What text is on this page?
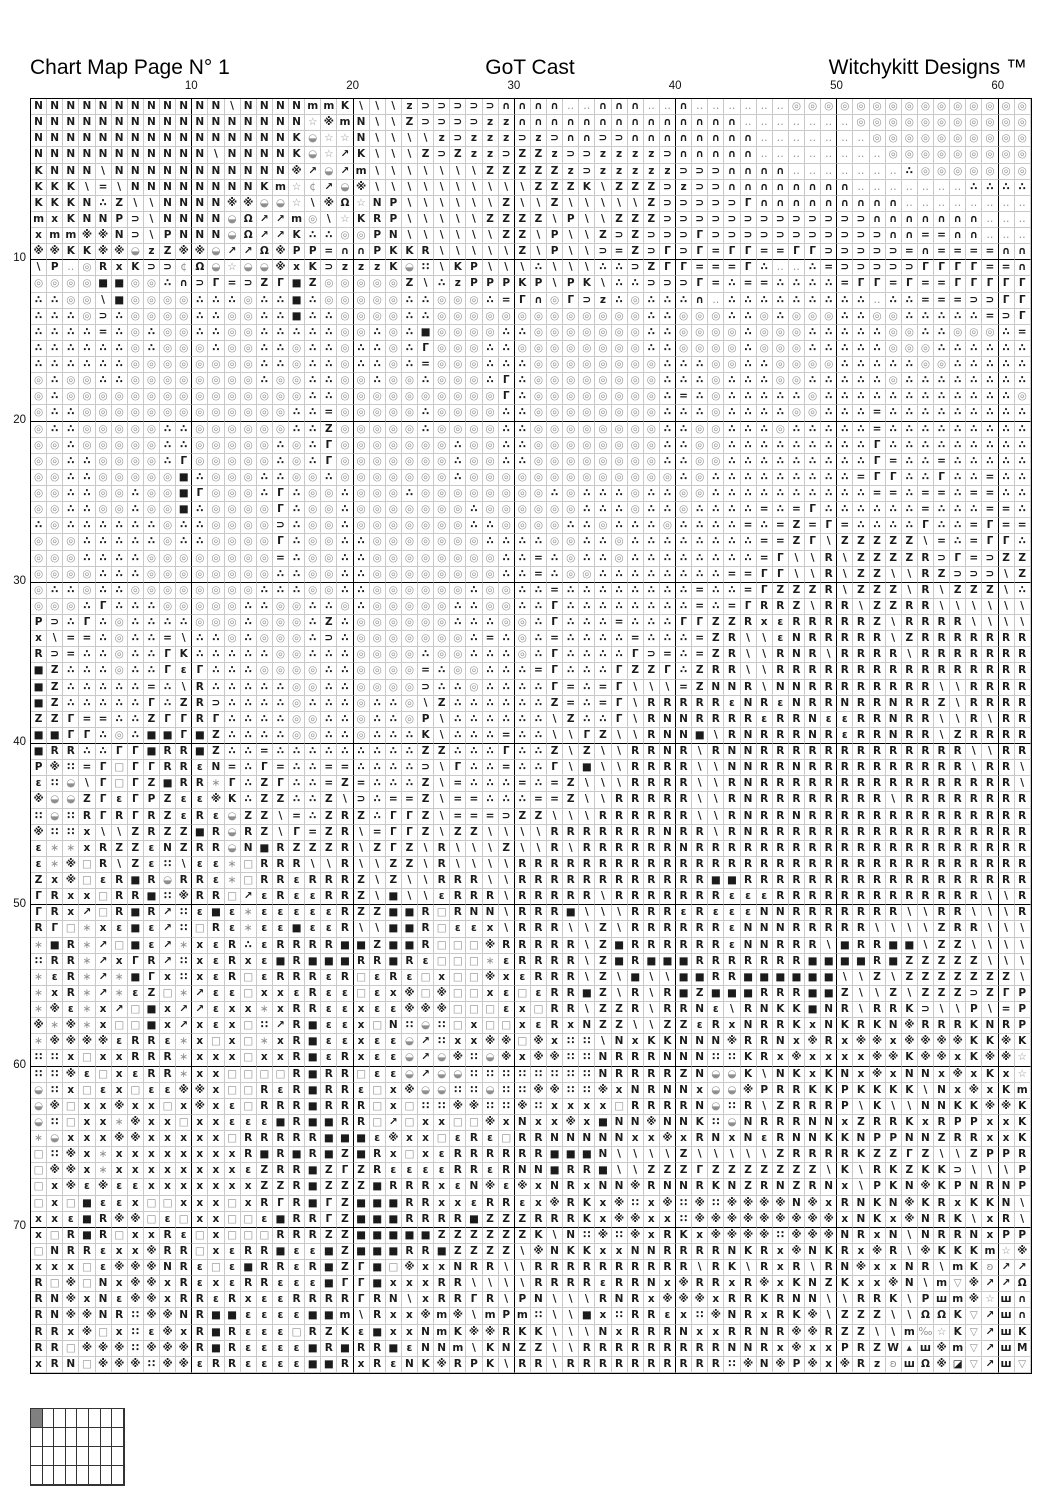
Chart Map Page N° 1	GoT Cast	Witchykitt Designs ™
10	20	30	40	50	60
10
20
30
40
50
60
70
N N N N N N N N N N N N \ N N N N m m K \	\	\	z ⊃ ⊃ ⊃ ⊃ ⊃ ∩ ∩ ∩ ∩ ‥ ‥ ∩ ∩ ∩ ‥ ‥ ∩ ‥ ‥ ‥ ‥ ‥ ‥ ◎ ◎ ◎ ◎ ◎ ◎ ◎ ◎ ◎ ◎ ◎ ◎ ◎ ◎ ◎
N N N N N N N N N N N N N N N N N ☆ ※ m N \	\ Z ⊃ ⊃ ⊃ ⊃ z z ∩ ∩ ∩ ∩ ∩ ∩ ∩ ∩ ∩ ∩ ∩ ∩ ∩ ∩ ‥ ‥ ‥ ‥ ‥ ‥ ‥ ◎ ◎ ◎ ◎ ◎ ◎ ◎ ◎ ◎ ◎ ◎
N N N N N N N N N N N N N N N N K ◒ ☆ ☆ N \	\	\	\	z ⊃ z z z ⊃ z ⊃ ∩ ∩ ⊃ ⊃ ∩ ∩ ∩ ∩ ∩ ∩ ∩ ∩ ‥ ‥ ‥ ‥ ‥ ‥ ‥ ◎ ◎ ◎ ◎ ◎ ◎ ◎ ◎ ◎ ◎
N N N N N N N N N N N \ N N N N K ◒ ☆ ↗ K \	\	\ Z ⊃ Z z z ⊃ Z Z z ⊃ ⊃ z z z z ⊃ ∩ ∩ ∩ ∩ ∩ ‥ ‥ ‥ ‥ ‥ ‥ ‥ ‥ ◎ ◎ ◎ ◎ ◎ ◎ ◎ ◎ ◎
K N N N \ N N N N N N N N N N N ※ ↗ ◒ ↗ m \	\	\	\	\	\	\ Z Z Z Z Z z ⊃ z z z z z ⊃ ⊃ ⊃ ∩ ∩ ∩ ∩ ‥ ‥ ‥ ‥ ‥ ‥ ‥ ∴ ◎ ◎ ◎ ◎ ◎ ◎ ◎
K K K \ = \ N N N N N N N N K m ☆ ¢ ↗ ◒ ※ \	\	\	\	\	\	\	\	\	\ Z Z Z K \ Z Z Z ⊃ z ⊃ ⊃ ∩ ∩ ∩ ∩ ∩ ∩ ∩ ∩ ‥ ‥ ‥ ‥ ‥ ‥ ‥ ∴ ∴ ∴ ∴
K K K N ∴ Z \	\ N N N N ※ ※ ◒ ◒ ☆ \ ※ Ω ☆ N P \	\	\	\	\	\ Z \	\ Z \	\	\	\	\ Z ⊃ ⊃ ⊃ ⊃ ⊃ Γ ∩ ∩ ∩ ∩ ∩ ∩ ∩ ∩ ∩ ‥ ‥ ‥ ‥ ‥ ‥ ‥ ‥
m x K N N P ⊃ \ N N N N ◒ Ω ↗ ↗ m ◎ \ ☆ K R P \	\	\	\	\ Z Z Z Z \ P \	\ Z Z Z ⊃ ⊃ ⊃ ⊃ ⊃ ⊃ ⊃ ⊃ ⊃ ⊃ ⊃ ⊃ ⊃ ∩ ∩ ∩ ∩ ∩ ∩ ∩ ‥ ‥ ‥
x m m ※ ※ N ⊃ \ P N N N ◒ Ω ↗ ↗ K ∴ ∴ ◎ ◎ P N \	\	\	\	\	\ Z Z \ P \	\ Z ⊃ Z ⊃ ⊃ ⊃ Γ ⊃ ⊃ ⊃ ⊃ ⊃ ⊃ ⊃ ⊃ ⊃ ⊃ ⊃ ∩ ∩ = = ∩ ∩ ‥ ‥ ‥
※ ※ K K ※ ※ ◒ z Z ※ ※ ◒ ↗ ↗ Ω ※ P P = ∩ ∩ P K K R \	\	\	\	\ Z \ P \	\ ⊃ = Z ⊃ Γ ⊃ Γ = Γ Γ = = Γ Γ ⊃ ⊃ ⊃ ⊃ ⊃ = ∩ = = = = ∩ ∩
\ P ‥ ◎ R x K ⊃ ⊃ ¢ Ω ◒ ☆ ◒ ◒ ※ x K ⊃ z z z K ◒ ∷	\ K P \	\	\	∴	\	\	\	∴ ∴ ⊃ Z Γ Γ = = = Γ ∴ ‥ ‥ ∴ = ⊃ ⊃ ⊃ ⊃ ⊃ Γ Γ Γ Γ = = ∩
◎ ◎ ◎ ◎ ■ ■ ◎ ◎ ∴ ∩ ⊃ Γ = ⊃ Z Γ ■ Z ◎ ◎ ◎ ◎ ◎ Z \	∴ z P P P K P \ P K \	∴ ∴ ⊃ ⊃ ⊃ Γ = ∴ = = ∴ ∴ ∴ ∴ = Γ Γ = Γ = = Γ Γ Γ Γ Γ
∴ ∴ ◎ ◎ \ ■ ◎ ◎ ◎ ◎ ∴ ∴ ∴ ◎ ∴ ∴ ■ ∴ ◎ ◎ ◎ ◎ ◎ ∴ ∴ ◎ ◎ ◎ ∴ = Γ ∩ ◎ Γ ⊃ z ∴ ◎ ∴ ∴ ∴ ∩ ‥ ∴ ∴ ∴ ∴ ∴ ∴ ∴ ∴ ∴ ‥ ∴ ∴ = = = ⊃ ⊃ Γ Γ
∴ ∴ ∴ ◎ ⊃ ∴ ◎ ◎ ◎ ◎ ∴ ∴ ◎ ◎ ∴ ∴ ■ ∴ ∴ ◎ ◎ ◎ ◎ ∴ ∴ ◎ ◎ ◎ ◎ ◎ ◎ ◎ ◎ ◎ ◎ ◎ ◎ ◎ ∴ ∴ ◎ ◎ ◎ ∴ ∴ ◎ ∴ ◎ ◎ ◎ ∴ ∴ ◎ ◎ ∴ ∴ ∴ ∴ ∴ = ⊃ Γ
∴ ∴ ∴ ∴ = ∴ ◎ ∴ ◎ ◎ ∴ ∴ ◎ ◎ ∴ ∴ ∴ ∴ ∴ ◎ ◎ ∴ ◎ ∴ ■ ◎ ◎ ◎ ◎ ∴ ∴ ◎ ◎ ◎ ◎ ◎ ◎ ◎ ∴ ∴ ◎ ◎ ◎ ◎ ∴ ◎ ◎ ◎ ∴ ∴ ∴ ∴ ∴ ◎ ◎ ∴ ∴ ◎ ◎ ◎ ∴ =
∴ ∴ ∴ ∴ ∴ ∴ ◎ ∴ ◎ ◎ ◎ ∴ ◎ ◎ ∴ ∴ ◎ ∴ ∴ ◎ ∴ ∴ ◎ ∴ Γ ◎ ◎ ◎ ∴ ∴ ◎ ◎ ◎ ◎ ◎ ◎ ◎ ◎ ∴ ∴ ◎ ◎ ◎ ◎ ∴ ◎ ◎ ◎ ∴ ∴ ∴ ∴ ∴ ◎ ◎ ◎ ∴ ∴ ∴ ∴ ∴ ∴
∴ ∴ ∴ ∴ ∴ ∴ ◎ ◎ ◎ ◎ ◎ ◎ ◎ ◎ ∴ ∴ ◎ ∴ ∴ ◎ ∴ ∴ ◎ ∴ = ◎ ◎ ◎ ∴ ∴ ∴ ◎ ◎ ◎ ◎ ◎ ◎ ◎ ◎ ∴ ∴ ∴ ◎ ◎ ∴ ∴ ◎ ◎ ◎ ◎ ∴ ∴ ∴ ∴ ∴ ◎ ◎ ∴ ∴ ∴ ∴ ∴
◎ ∴ ◎ ◎ ∴ ∴ ◎ ◎ ◎ ◎ ◎ ◎ ◎ ◎ ∴ ◎ ◎ ∴ ∴ ◎ ◎ ∴ ◎ ◎ ∴ ◎ ◎ ◎ ∴ Γ ∴ ◎ ◎ ◎ ◎ ◎ ◎ ◎ ◎ ∴ ∴ ∴ ◎ ∴ ∴ ∴ ◎ ◎ ∴ ∴ ∴ ∴ ∴ ◎ ∴ ∴ ∴ ∴ ∴ ∴ ∴ ∴
◎ ∴ ◎ ◎ ◎ ◎ ◎ ◎ ◎ ◎ ◎ ◎ ◎ ◎ ◎ ◎ ◎ ∴ ∴ ◎ ◎ ◎ ◎ ◎ ◎ ◎ ◎ ◎ ◎ Γ ∴ ◎ ◎ ◎ ◎ ◎ ◎ ◎ ◎ ∴ = ∴ ◎ ∴ ∴ ∴ ∴ ∴ ◎ ∴ ∴ ∴ ∴ ∴ ∴ ∴ ∴ ∴ ∴ ∴ ∴ ◎
◎ ∴ ∴ ◎ ◎ ◎ ◎ ◎ ◎ ◎ ◎ ◎ ◎ ◎ ◎ ◎ ∴ ∴ = ◎ ◎ ◎ ◎ ◎ ∴ ◎ ◎ ◎ ◎ ∴ ∴ ◎ ◎ ◎ ◎ ◎ ◎ ◎ ◎ ∴ ∴ ∴ ◎ ∴ ∴ ∴ ∴ ◎ ◎ ∴ ∴ ∴ = ∴ ∴ ∴ ∴ ∴ ∴ ∴ ∴ ∴
◎ ∴ ∴ ◎ ◎ ◎ ◎ ◎ ∴ ∴ ◎ ◎ ◎ ◎ ◎ ◎ ∴ ∴ Z ◎ ◎ ◎ ◎ ◎ ∴ ◎ ◎ ◎ ◎ ∴ ∴ ◎ ◎ ◎ ◎ ◎ ◎ ◎ ◎ ∴ ∴ ◎ ◎ ∴ ∴ ∴ ◎ ∴ ∴ ∴ ∴ ∴ = ∴ ∴ ∴ ∴ ∴ ∴ ∴ ∴ ∴
◎ ◎ ∴ ◎ ◎ ◎ ◎ ◎ ∴ ∴ ◎ ◎ ◎ ◎ ◎ ∴ ◎ ∴ Γ ◎ ◎ ◎ ◎ ◎ ◎ ◎ ∴ ◎ ◎ ∴ ∴ ◎ ◎ ◎ ◎ ◎ ◎ ◎ ◎ ∴ ∴ ◎ ◎ ∴ ∴ ∴ ∴ ∴ ∴ ∴ ∴ ∴ Γ ∴ ∴ ∴ ∴ ∴ ∴ ∴ ∴ ∴
◎ ◎ ∴ ∴ ◎ ◎ ◎ ◎ ∴ Γ ◎ ◎ ◎ ◎ ◎ ∴ ◎ ∴ Γ ◎ ◎ ◎ ◎ ◎ ◎ ◎ ∴ ◎ ◎ ∴ ∴ ◎ ◎ ◎ ◎ ◎ ◎ ◎ ◎ ∴ ∴ ◎ ◎ ∴ ∴ ∴ ∴ ∴ ∴ ∴ ∴ ∴ Γ = ∴ ∴ = ∴ ∴ ∴ ∴ ∴
◎ ◎ ∴ ∴ ◎ ◎ ◎ ◎ ◎ ■ ∴ ◎ ◎ ◎ ∴ ∴ ◎ ◎ ∴ ◎ ◎ ◎ ◎ ◎ ◎ ◎ ∴ ◎ ◎ ◎ ◎ ◎ ◎ ◎ ◎ ◎ ◎ ◎ ◎ ◎ ∴ ◎ ∴ ∴ ∴ ∴ ∴ ∴ ∴ ∴ ∴ = Γ Γ ∴ ∴ Γ ∴ ∴ = ∴ ∴
◎ ◎ ∴ ∴ ◎ ◎ ∴ ◎ ◎ ■ Γ ◎ ◎ ◎ ∴ Γ ∴ ◎ ◎ ∴ ◎ ◎ ◎ ∴ ◎ ◎ ◎ ◎ ◎ ◎ ◎ ◎ ∴ ◎ ∴ ∴ ∴ ◎ ∴ ∴ ◎ ◎ ∴ ∴ ∴ ∴ ∴ ∴ ∴ ∴ ∴ ∴ = = ∴ = = ∴ = = ∴ ∴
◎ ◎ ∴ ∴ ◎ ◎ ∴ ◎ ◎ ■ ∴ ◎ ◎ ◎ ◎ Γ ∴ ◎ ◎ ∴ ◎ ◎ ◎ ◎ ◎ ◎ ◎ ∴ ◎ ◎ ◎ ◎ ◎ ◎ ∴ ∴ ∴ ◎ ∴ ∴ ◎ ∴ ∴ ∴ ∴ = ∴ = Γ ∴ ∴ ∴ ∴ ∴ ∴ = ∴ ∴ ∴ = = ∴
∴ ◎ ∴ ∴ ∴ ∴ ∴ ∴ ◎ ∴ ∴ ◎ ◎ ◎ ◎ ⊃ ∴ ◎ ◎ ∴ ◎ ◎ ◎ ◎ ◎ ◎ ◎ ∴ ∴ ◎ ◎ ◎ ◎ ∴ ∴ ◎ ∴ ∴ ∴ ◎ ∴ ∴ ∴ ∴ = ∴ = Z = Γ = ∴ ∴ ∴ ∴ Γ ∴ ∴ = Γ = =
◎ ◎ ◎ ∴ ∴ ∴ ∴ ∴ ◎ ∴ ∴ ◎ ◎ ◎ ◎ Γ ∴ ◎ ◎ ∴ ∴ ◎ ◎ ◎ ◎ ◎ ◎ ◎ ∴ ∴ ∴ ∴ ◎ ◎ ∴ ∴ ◎ ∴ ∴ ∴ ∴ ∴ ∴ ∴ ∴ = = Z Γ	\ Z Z Z Z Z \ = ∴ = Γ Γ ∴
◎ ◎ ◎ ∴ ∴ ∴ ∴ ◎ ◎ ◎ ◎ ◎ ◎ ◎ ◎ = ∴ ◎ ◎ ∴ ∴ ◎ ◎ ◎ ◎ ◎ ◎ ◎ ◎ ∴ ∴ = ∴ ◎ ∴ ∴ ◎ ∴ ∴ ∴ ∴ ∴ ∴ ∴ ∴ = Γ	\	\ R \ Z Z Z Z R ⊃ Γ = ⊃ Z Z
◎ ◎ ◎ ◎ ∴ ∴ ∴ ◎ ◎ ◎ ◎ ◎ ◎ ◎ ◎ ∴ ∴ ◎ ◎ ∴ ∴ ◎ ◎ ◎ ◎ ◎ ◎ ◎ ◎ ∴ ∴ = ∴ ◎ ◎ ∴ ∴ ∴ ∴ ∴ ∴ ∴ ∴ = = Γ Γ	\	\ R \ Z Z \	\ R Z ⊃ ⊃ ⊃ \ Z
◎ ∴ ∴ ◎ ∴ ∴ ◎ ◎ ◎ ◎ ◎ ◎ ◎ ◎ ∴ ∴ ∴ ◎ ◎ ∴ ∴ ◎ ◎ ◎ ◎ ◎ ◎ ∴ ◎ ◎ ∴ ∴ = ∴ ∴ ∴ ∴ ∴ ∴ ∴ ∴ = ∴ ∴ = Γ Z Z Z R \ Z Z Z \ R \ Z Z Z \	∴
◎ ◎ ◎ ∴ Γ ∴ ∴ ∴ ◎ ◎ ◎ ◎ ◎ ∴ ∴ ◎ ◎ ∴ ∴ ◎ ∴ ◎ ◎ ◎ ◎ ◎ ∴ ∴ ◎ ◎ ∴ ∴ Γ ∴ ∴ ∴ ∴ ∴ ∴ ∴ ∴ = ∴ = Γ R R Z \ R R \ Z Z R R \	\	\	\	\	\
P ⊃ ∴ Γ ∴ ◎ ∴ ∴ ∴ ∴ ◎ ◎ ◎ ∴ ◎ ◎ ◎ ∴ Z ∴ ◎ ◎ ◎ ◎ ◎ ◎ ∴ ∴ ∴ ◎ ◎ ∴ Γ ∴ ∴ ∴ = ∴ ∴ ∴ Γ Γ Z Z R x ε R R R R R Z \ R R R R \	\	\	\
x	\ = = ∴ ◎ ∴ ∴ = \	∴ ∴ ◎ ∴ ◎ ◎ ◎ ∴ ⊃ ∴ ◎ ◎ ◎ ◎ ◎ ◎ ◎ ∴ = ∴ ◎ ∴ = ∴ ∴ ∴ ∴ = ∴ ∴ ∴ = Z R \	\	ε N R R R R R \ Z R R R R R R R
R ⊃ = ∴ ∴ ◎ ∴ ∴ Γ K ∴ ∴ ∴ ∴ ∴ ◎ ◎ ∴ ∴ ∴ ◎ ◎ ◎ ◎ ∴ ◎ ◎ ∴ ∴ ∴ ◎ ∴ Γ ∴ ∴ ∴ ∴ Γ ⊃ = ∴ = Z R \	\ R N R \ R R R R \ R R R R R R R
■ Z ∴ ∴ ∴ ◎ ∴ ∴ Γ ε Γ ∴ ∴ ∴ ◎ ◎ ◎ ◎ ∴ ∴ ◎ ◎ ◎ ◎ = ∴ ◎ ◎ ∴ ∴ ∴ = Γ ∴ ∴ ∴ Γ Z Z Γ ∴ Z R R \	\ R R R R R R R R R R R R R R R R
■ Z ∴ ∴ ∴ ∴ ∴ = ∴	\ R ∴ ∴ ∴ ∴ ∴ ◎ ◎ ∴ ∴ ◎ ◎ ◎ ◎ ⊃ ∴ ∴ ◎ ∴ ∴ ∴ ∴ Γ = ∴ = Γ	\	\	\ = Z N N R \ N N R R R R R R R R \	\ R R R R
■ Z ∴ ∴ ∴ ∴ ∴ Γ ∴ Z R ⊃ ∴ ∴ ∴ ∴ ◎ ∴ ∴ ∴ ◎ ∴ ∴ ◎ \ Z ∴ ∴ ∴ ∴ ∴ ∴ Z = ∴ = Γ	\ R R R R R ε N R ε N R R N R R N R R Z \ R R R R
Z Z Γ = = ∴ ∴ Z Γ Γ R Γ ∴ ∴ ∴ ∴ ◎ ◎ ∴ ∴ ◎ ∴ ∴ ◎ P \	∴ ∴ ∴ ∴ ∴ ∴	\ Z ∴ ∴ Γ	\ R N N R R R R ε R R N ε ε R R N R R \	\ R \ R R
■ ■ Γ Γ ∴ ◎ ∴ ■ ■ Γ ■ Z ∴ ∴ ∴ ∴ ◎ ◎ ∴ ∴ ◎ ∴ ∴ ∴ K \	∴ ∴ ∴ = ∴ ∴	\	\	Γ Z \	\ R N N ■ \ R N R R R N R ε R R N R R \ Z R R R R
■ R R ∴ ∴ Γ Γ ■ R R ■ Z ∴ ∴ = ∴ ∴ ∴ ∴ ∴ ∴ ∴ ∴ ∴ Z Z ∴ ∴ ∴ Γ ∴ ∴ Z \ Z \	\ R R N R \ R N N R R R R R R R R R R R R R \	\ R R
P ※ ∷ = Γ □ Γ Γ R R ε N = ∴ Γ = ∴ ∴ = = ∴ ∴ ∴ ∴ ⊃ \	Γ ∴ ∴ = ∴ ∴ Γ	\ ■ \	\ R R R R \	\ N N R R N R R R R R R R R R R \ R R \
ε ∷ ◒ \	Γ □ Γ Z ■ R R ∗ Γ ∴ Z Γ ∴ ∴ = Z = ∴ ∴ ∴ Z \ = ∴ ∴ ∴ = ∴ = Z \	\	\ R R R R \	\ R N R R R R R R R R R R R R R R R R \
※ ◒ ◒ Z Γ ε Γ P Z ε ε ※ K ∴ Z Z ∴ ∴ Z \ ⊃ ∴ = = Z \ = = ∴ ∴ ∴ = = Z \	\ R R R R R \	\ R N R R R R R R R R \ R R R R R R R R
∷ ◒ ∷ R Γ R Γ R Z ε R ε ◒ Z Z \ = ∴ Z R Z ∴ Γ Γ Z \ = = = ⊃ Z Z \	\	\ R R R R R R \	\ R N R R N R R R R R R R R R R R R R R
※ ∷ ∷ x	\	\ Z R Z Z ■ R ◒ R Z \	Γ = Z R \ = Γ Γ Z \ Z Z \	\	\	\ R R R R R R R N R R \ R N R R R R R R R R R R R R R R R R R
ε ∗ ∗ x R Z Z ε N Z R R ◒ N ■ R Z Z Z R \ Z Γ Z \ R \	\	\ Z \	\ R \ R R R R R R N R R R R R R R R R R R R R R R R R R R R R
ε ∗ ※ □ R \ Z ε ∷	\	ε ε ∗ □ R R R \	\ R \	\ Z Z \ R \	\	\	\ R R R R R R R R R R R R R R R R R R R R R R R R R R R R R R R R
Z x ※ □ ε R ■ R ◒ R R ε ∗ □ R R ε R R R Z \ Z \	\ R R R \	\ R R R R R R R R R R R R ■ ■ R R R R R R R R R R R R R R R R R R
Γ R x x □ R R ■ ∷ ※ R R □ ↗ ε R ε ε R R Z \ ■ \	\	ε R R R \ R R R R R \ R R R R R R R ε ε ε R R R R R R R R R R R R R \	\ R
Γ R x ↗ □ R ■ R ↗ ∷ ε ■ ε ∗ ε ε ε ε ε R Z Z ■ ■ R □ R N N \ R R R ■ \	\	\ R R R ε R ε ε ε N N R R R R R R R \	\ R R \	\	\ R
R Γ □ ∗ x ε ■ ε ↗ ∷ □ R ε ∗ ε ε ■ ε ε R \	\ ■ ■ R □ ε ε x	\ R R R \	\ Z \ R R R R R R ε N N N R R R R R \	\	\	\ Z R R \	\	\
∗ ■ R ∗ ↗ □ ■ ε ↗ ∗ x ε R ∴ ε R R R R ■ ■ Z ■ ■ R □ □ □ ※ R R R R R \ Z ■ R R R R R R ε N N R R R \ ■ R R ■ ■ \ Z Z \	\	\	\
∷ R R ∗ ↗ x Γ R ↗ ∷ x ε R x ε ■ R ■ ■ ■ R R ■ R ε □ □ □ ∗ ε R R R R \ Z ■ R ■ ■ ■ R R R R R R R ■ ■ ■ ■ R ■ Z Z Z Z Z \	\	\
∗ ε R ∗ ↗ ∗ ■ Γ x ∷ x ε R □ ε R R R ε R □ ε R ε □ x □ □ ※ x ε R R R \ Z \ ■ \	\ ■ ■ R R ■ ■ ■ ■ ■ ■ \	\ Z \ Z Z Z Z Z Z Z \
∗ x R ∗ ↗ ∗ ε Z □ ∗ ↗ ε ε □ x x ε R ε ε □ ε x ※ □ ※ □ □ x ε □ ε R R ■ Z \ R \ R ■ Z ■ ■ ■ R R R ■ ■ Z \	\ Z \ Z Z Z ⊃ Z Γ P
∗ ※ ε ∗ x ↗ □ ■ x ↗ ↗ ε x x ∗ x R R ε ε x ε ε ※ ※ ※ □ □ □ ε x □ R R \ Z Z R \ R R N ε	\ R N K K ■ N R \ R R K ⊃ \	\ P \ = P
※ ∗ ※ ∗ x □ □ ■ x ↗ x ε x □ ∷ ↗ R ■ ε ε x □ N ∷ ◒ ∷ □ x □ □ x ε R x N Z Z \	\ Z Z ε R x N R R K x N K R K N ※ R R R K N R P
∗ ※ ※ ※ ※ ε R R ε ∗ x □ x □ ∗ x R ■ ε ε x ε ε ◒ ↗ ∷ x x ※ ※ □ ※ x ∷ ∷	\ N x K K N N N ※ R R N x ※ R x ※ ※ x ※ ※ ※ ※ K K ※ K
∷ ∷ x □ x x R R R ∗ x x x □ x x R ■ ε R x ε ε ◒ ↗ ◒ ※ ∷ ◒ ※ x ※ ※ ∷ ∷ N R R R N N N ∷ ∷ K R x ※ x x x x ※ ※ K ※ ※ x K ※ ※ ☆
∷ ∷ ※ ε □ x ε R R ∗ x x □ □ □ □ R ■ R R □ ε ε ◒ ↗ ◒ ◒ ∷ ∷ ∷ ∷ ∷ ∷ ∷ ∷ N R R R R Z N ◒ ◒ K \ N K x K N x ※ x N N x ※ x K x ☆
◒ ∷ x □ ε x □ ε ε ※ ※ x □ □ R ε R ■ R R ε □ x ※ ◒ ◒ ∷ ∷ ◒ ∷ ∷ ※ ※ ∷ ∷ ※ x N R N N x ◒ ◒ ※ P R R K K P K K K K \ N x ※ x K m
◒ ※ □ x x ※ x x □ x ※ x ε □ R R R ■ R R R □ x □ ∷ ∷ ※ ※ ∷ ∷ ※ ∷ x x x x □ R R R R N ◒ ∷ R \ Z R R R P \ K \	\ N N K K ※ ※ K
◒ ∷ □ x x ∗ ※ x x □ x x ε ε ε ■ R ■ ■ R R □ ↗ □ x x □ □ ※ x N x x ※ x ■ N N ※ N N K ∷ ◒ N R R R N N x Z R R K x R P P x x K
∗ ◒ x x x ※ ※ x x x x x □ R R R R R ■ ■ ■ ε ※ x x □ ε R ε □ R R N N N N N x x ※ x R N x N ε R N N K K N P P N N Z R R x x K
□ ∷ ※ x ∗ x x x x x x x x R ■ R ■ R ■ Z ■ R x □ x ε R R R R R R ■ ■ ■ N \	\	\	\ Z \	\	\	\	\ Z R R R R K Z Z Γ Z \	\ Z P P R
□ ※ ※ x ∗ x x x x x x x x ε Z R R ■ Z Γ Z R ε ε ε ε R R ε R N N ■ R R ■ \	\ Z Z Z Γ Z Z Z Z Z Z Z \ K \ R K Z K K ⊃ \	\	\ P
□ x ※ ε ※ ε ε x x x x x x x Z Z R ■ Z Z Z ■ R R R x ε N ※ ε ※ x N R x N N ※ R N N R K N Z R N Z R N x	\ P K N ※ K P N R N P
□ x □ ■ ε ε x □ □ x x x □ x R Γ R ■ Γ Z ■ ■ ■ R R x x ε R R ε x ※ R K x ※ ∷ x ※ ∷ ※ ∷ ※ ※ ※ ※ N ※ x R N K N ※ K R x K K N \
x x ε ■ R ※ ※ □ ε □ x x □ □ ε ■ R R Γ Z ■ ■ ■ R R R R ■ Z Z Z R R R K x ※ ※ x x ∷ ※ ※ ※ ※ ※ ※ ※ ※ ※ x N K x ※ N R K \	x R \
x □ R ■ R □ x x R ε □ x □ □ □ R R R Z Z ■ ■ ■ ■ ■ Z Z Z Z Z Z K \ N ∷ ※ ∷ ※ x R K x ※ ※ ※ ※ ∷ ※ ※ ※ N R x N \ N R R N x P P
□ N R R ε x x ※ R R □ x ε R R ■ ε ε ■ Z ■ ■ ■ R R ■ Z Z Z Z \ ※ N K K x x N N R R R R N K R x ※ N K R x ※ R \ ※ K K K m ☆ ※
x x x □ ε ※ ※ ※ N R ε □ ε ■ R R ε R ■ Z Γ ■ □ ※ x x N R R \	\ R R R R R R R R R R \ R K \ R x R \ R N ※ x x N R \ m K ʚ ↗ ↗
R □ ※ □ N x ※ ※ x R ε x ε R R ε ε ε ■ Γ Γ ■ x x x R R \	\	\	\ R R R R ε R R N x ※ R R x R ※ x K N Z K x x ※ N \ m ▽ ※ ↗ ↗ Ω
R N ※ x N ε ※ ※ x R R ε R x ε ε R R R R Γ R N \	x R R Γ R \ P N \	\	\ R N R x ※ ※ ※ x R R K R N N \	\ R R K \ P ш m ※ ☆ ш ∩
R N ※ ※ N R ∷ ※ ※ N R ■ ■ ε ε ε ε ■ ■ m \ R x x ※ m ※ \ m P m ∷	\	\ ■ x ∷ R R ε x ∷ ※ N R x R K ※ \ Z Z Z \	\ Ω Ω K ▽ ↗ ш ∩
R R x ※ □ x ∷ ε ※ x R ■ R ε ε ε □ R Z K ε ■ x x N m K ※ ※ R K K \	\	\ N x R R R N x x R R N R ※ ※ R Z Z \	\ m ‰ ☆ K ▽ ↗ ш K
R R □ ※ ※ ※ ∷ ※ ※ ※ R ■ R ε ε ε ε ■ R ■ R R ■ ε N N m \ K N Z Z \	\ R R R R R R R R R N N R x ※ x x P R Z W ▴ ш ※ m ▽ ↗ ш M
x R N □ ※ ※ ※ ∷ ※ ※ ε R R ε ε ε ε ■ ■ R x R ε N K ※ R P K \ R R \ R R R R R R R R R R ∷ ※ N ※ P ※ x ※ R z ʚ ш Ω ※ ◪ ▽ ↗ ш ▽
